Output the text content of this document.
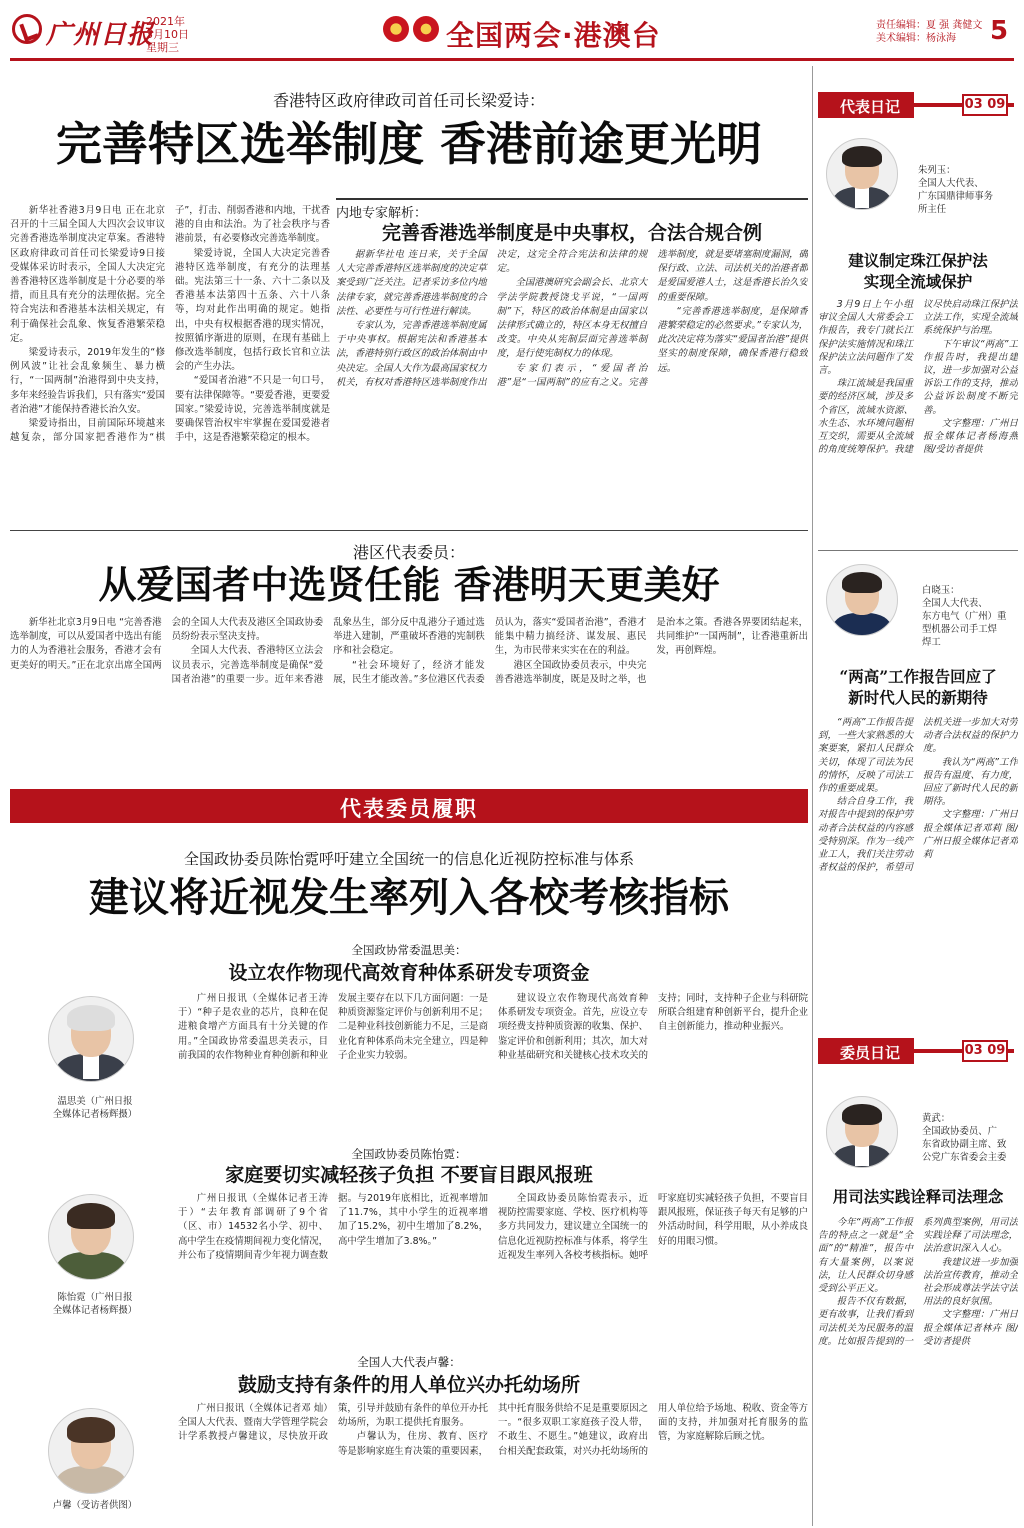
广州日报
2021年
3月10日
星期三	全国两会·港澳台	责任编辑：夏 强 龚健文
美术编辑：杨泳海	5
香港特区政府律政司首任司长梁爱诗：
完善特区选举制度 香港前途更光明

新华社香港3月9日电 正在北京召开的十三届全国人大四次会议审议完善香港选举制度决定草案。香港特区政府律政司首任司长梁爱诗9日接受媒体采访时表示，全国人大决定完善香港特区选举制度是十分必要的举措，而且具有充分的法理依据。完全符合宪法和香港基本法相关规定，有利于确保社会乱象、恢复香港繁荣稳定。

梁爱诗表示，2019年发生的“修例风波”让社会乱象频生、暴力横行，“一国两制”治港得到中央支持，多年来经验告诉我们，只有落实“爱国者治港”才能保持香港长治久安。

梁爱诗指出，目前国际环境越来越复杂，部分国家把香港作为“棋子”，打击、削弱香港和内地，干扰香港的自由和法治。为了社会秩序与香港前景，有必要修改完善选举制度。

梁爱诗说，全国人大决定完善香港特区选举制度，有充分的法理基础。宪法第三十一条、六十二条以及香港基本法第四十五条、六十八条等，均对此作出明确的规定。她指出，中央有权根据香港的现实情况，按照循序渐进的原则，在现有基础上修改选举制度，包括行政长官和立法会的产生办法。

“爱国者治港”不只是一句口号，要有法律保障等。“要爱香港，更要爱国家。”梁爱诗说，完善选举制度就是要确保管治权牢牢掌握在爱国爱港者手中，这是香港繁荣稳定的根本。

内地专家解析：
完善香港选举制度是中央事权，合法合规合例

据新华社电 连日来，关于全国人大完善香港特区选举制度的决定草案受到广泛关注。记者采访多位内地法律专家，就完善香港选举制度的合法性、必要性与可行性进行解读。

专家认为，完善香港选举制度属于中央事权。根据宪法和香港基本法，香港特别行政区的政治体制由中央决定。全国人大作为最高国家权力机关，有权对香港特区选举制度作出决定，这完全符合宪法和法律的规定。

全国港澳研究会副会长、北京大学法学院教授饶戈平说，“一国两制”下，特区的政治体制是由国家以法律形式确立的，特区本身无权擅自改变。中央从宪制层面完善选举制度，是行使宪制权力的体现。

专家们表示，“爱国者治港”是“一国两制”的应有之义。完善选举制度，就是要堵塞制度漏洞，确保行政、立法、司法机关的治港者都是爱国爱港人士，这是香港长治久安的重要保障。

“完善香港选举制度，是保障香港繁荣稳定的必然要求。”专家认为，此次决定将为落实“爱国者治港”提供坚实的制度保障，确保香港行稳致远。

港区代表委员：
从爱国者中选贤任能 香港明天更美好

新华社北京3月9日电 “完善香港选举制度，可以从爱国者中选出有能力的人为香港社会服务，香港才会有更美好的明天。”正在北京出席全国两会的全国人大代表及港区全国政协委员纷纷表示坚决支持。

全国人大代表、香港特区立法会议员表示，完善选举制度是确保“爱国者治港”的重要一步。近年来香港乱象丛生，部分反中乱港分子通过选举进入建制，严重破坏香港的宪制秩序和社会稳定。

“社会环境好了，经济才能发展，民生才能改善。”多位港区代表委员认为，落实“爱国者治港”，香港才能集中精力搞经济、谋发展、惠民生，为市民带来实实在在的利益。

港区全国政协委员表示，中央完善香港选举制度，既是及时之举，也是治本之策。香港各界要团结起来，共同维护“一国两制”，让香港重新出发，再创辉煌。

代表委员履职
全国政协委员陈怡霓呼吁建立全国统一的信息化近视防控标准与体系
建议将近视发生率列入各校考核指标
全国政协常委温思美：
设立农作物现代高效育种体系研发专项资金
温思美（广州日报
全媒体记者杨辉摄）

广州日报讯（全媒体记者王涛 于）“种子是农业的芯片，良种在促进粮食增产方面具有十分关键的作用。”全国政协常委温思美表示，目前我国的农作物种业育种创新和种业发展主要存在以下几方面问题：一是种质资源鉴定评价与创新利用不足；二是种业科技创新能力不足，三是商业化育种体系尚未完全建立，四是种子企业实力较弱。

建议设立农作物现代高效育种体系研发专项资金。首先，应设立专项经费支持种质资源的收集、保护、鉴定评价和创新利用；其次，加大对种业基础研究和关键核心技术攻关的支持；同时，支持种子企业与科研院所联合组建育种创新平台，提升企业自主创新能力，推动种业振兴。

全国政协委员陈怡霓：
家庭要切实减轻孩子负担 不要盲目跟风报班
陈怡霓（广州日报
全媒体记者杨辉摄）

广州日报讯（全媒体记者王涛于）“去年教育部调研了9个省（区、市）14532名小学、初中、高中学生在疫情期间视力变化情况，并公布了疫情期间青少年视力调查数据。与2019年底相比，近视率增加了11.7%，其中小学生的近视率增加了15.2%，初中生增加了8.2%，高中学生增加了3.8%。”

全国政协委员陈怡霓表示，近视防控需要家庭、学校、医疗机构等多方共同发力，建议建立全国统一的信息化近视防控标准与体系，将学生近视发生率列入各校考核指标。她呼吁家庭切实减轻孩子负担，不要盲目跟风报班，保证孩子每天有足够的户外活动时间，科学用眼，从小养成良好的用眼习惯。

全国人大代表卢馨：
鼓励支持有条件的用人单位兴办托幼场所
卢馨（受访者供图）

广州日报讯（全媒体记者邓 灿）全国人大代表、暨南大学管理学院会计学系教授卢馨建议，尽快放开政策，引导并鼓励有条件的单位开办托幼场所，为职工提供托育服务。

卢馨认为，住房、教育、医疗等是影响家庭生育决策的重要因素，其中托育服务供给不足是重要原因之一。“很多双职工家庭孩子没人带，不敢生、不愿生。”她建议，政府出台相关配套政策，对兴办托幼场所的用人单位给予场地、税收、资金等方面的支持，并加强对托育服务的监管，为家庭解除后顾之忧。

代表日记	03 09
朱列玉：
全国人大代表、
广东国鼎律师事务
所主任
建议制定珠江保护法
实现全流域保护

3月9日上午小组审议全国人大常委会工作报告，我专门就长江保护法实施情况和珠江保护法立法问题作了发言。

珠江流域是我国重要的经济区域，涉及多个省区，流域水资源、水生态、水环境问题相互交织，需要从全流域的角度统筹保护。我建议尽快启动珠江保护法立法工作，实现全流域系统保护与治理。

下午审议“两高”工作报告时，我提出建议，进一步加强对公益诉讼工作的支持，推动公益诉讼制度不断完善。

文字整理：广州日报全媒体记者杨海燕 图/受访者提供

白晓玉：
全国人大代表、
东方电气（广州）重
型机器公司手工焊
焊工
“两高”工作报告回应了
新时代人民的新期待

“两高”工作报告提到，一些大家熟悉的大案要案，紧扣人民群众关切，体现了司法为民的情怀，反映了司法工作的重要成果。

结合自身工作，我对报告中提到的保护劳动者合法权益的内容感受特别深。作为一线产业工人，我们关注劳动者权益的保护，希望司法机关进一步加大对劳动者合法权益的保护力度。

我认为“两高”工作报告有温度、有力度，回应了新时代人民的新期待。

文字整理：广州日报全媒体记者邓莉 图/广州日报全媒体记者邓莉

委员日记	03 09
黄武：
全国政协委员、广
东省政协副主席、致
公党广东省委会主委
用司法实践诠释司法理念

今年“两高”工作报告的特点之一就是“全面”的“精准”，报告中有大量案例，以案说法，让人民群众切身感受到公平正义。

报告不仅有数据，更有故事，让我们看到司法机关为民服务的温度。比如报告提到的一系列典型案例，用司法实践诠释了司法理念，法治意识深入人心。

我建议进一步加强法治宣传教育，推动全社会形成尊法学法守法用法的良好氛围。

文字整理：广州日报全媒体记者林卉 图/受访者提供
